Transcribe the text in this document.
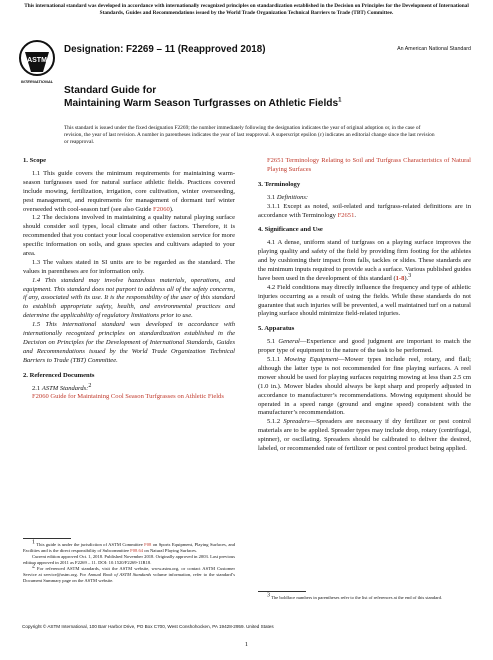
This international standard was developed in accordance with internationally recognized principles on standardization established in the Decision on Principles for the Development of International Standards, Guides and Recommendations issued by the World Trade Organization Technical Barriers to Trade (TBT) Committee.
ASTM
INTERNATIONAL
Designation: F2269 – 11 (Reapproved 2018)	An American National Standard
Standard Guide for
Maintaining Warm Season Turfgrasses on Athletic Fields$^1$
This standard is issued under the fixed designation F2269; the number immediately following the designation indicates the year of original adoption or, in the case of revision, the year of last revision. A number in parentheses indicates the year of last reapproval. A superscript epsilon (ε) indicates an editorial change since the last revision or reapproval.
1. Scope

1.1 This guide covers the minimum requirements for maintaining warm-season turfgrasses used for natural surface athletic fields. Practices covered include mowing, fertilization, irrigation, core cultivation, winter overseeding, pest management, and requirements for management of dormant turf winter overseeded with cool-season turf (see also Guide F2060).

1.2 The decisions involved in maintaining a quality natural playing surface should consider soil types, local climate and other factors. Therefore, it is recommended that you contact your local cooperative extension service for more specific information on soils, and grass species and cultivars adapted to your area.

1.3 The values stated in SI units are to be regarded as the standard. The values in parentheses are for information only.

1.4 This standard may involve hazardous materials, operations, and equipment. This standard does not purport to address all of the safety concerns, if any, associated with its use. It is the responsibility of the user of this standard to establish appropriate safety, health, and environmental practices and determine the applicability of regulatory limitations prior to use.

1.5 This international standard was developed in accordance with internationally recognized principles on standardization established in the Decision on Principles for the Development of International Standards, Guides and Recommendations issued by the World Trade Organization Technical Barriers to Trade (TBT) Committee.

2. Referenced Documents

2.1 ASTM Standards:2

F2060 Guide for Maintaining Cool Season Turfgrasses on Athletic Fields

1 This guide is under the jurisdiction of ASTM Committee F08 on Sports Equipment, Playing Surfaces, and Facilities and is the direct responsibility of Subcommittee F08.64 on Natural Playing Surfaces.

Current edition approved Oct. 1, 2018. Published November 2018. Originally approved in 2003. Last previous edition approved in 2011 as F2269 – 11. DOI: 10.1520/F2269-11R18.

2 For referenced ASTM standards, visit the ASTM website, www.astm.org, or contact ASTM Customer Service at service@astm.org. For Annual Book of ASTM Standards volume information, refer to the standard’s Document Summary page on the ASTM website.

F2651 Terminology Relating to Soil and Turfgrass Characteristics of Natural Playing Surfaces

3. Terminology

3.1 Definitions:

3.1.1 Except as noted, soil-related and turfgrass-related definitions are in accordance with Terminology F2651.

4. Significance and Use

4.1 A dense, uniform stand of turfgrass on a playing surface improves the playing quality and safety of the field by providing firm footing for the athletes and by cushioning their impact from falls, tackles or slides. These standards are the minimum inputs required to provide such a surface. Various published guides have been used in the development of this standard (1-8).3

4.2 Field conditions may directly influence the frequency and type of athletic injuries occurring as a result of using the fields. While these standards do not guarantee that such injuries will be prevented, a well maintained turf on a natural playing surface should minimize field-related injuries.

5. Apparatus

5.1 General—Experience and good judgment are important to match the proper type of equipment to the nature of the task to be performed.

5.1.1 Mowing Equipment—Mower types include reel, rotary, and flail; although the latter type is not recommended for fine playing surfaces. A reel mower should be used for playing surfaces requiring mowing at less than 2.5 cm (1.0 in.). Mower blades should always be kept sharp and properly adjusted in accordance to manufacturer’s recommendations. Mowing equipment should be operated in a speed range (ground and engine speed) consistent with the manufacturer’s recommendation.

5.1.2 Spreaders—Spreaders are necessary if dry fertilizer or pest control materials are to be applied. Spreader types may include drop, rotary (centrifugal, spinner), or oscillating. Spreaders should be calibrated to deliver the desired, labeled, or recommended rate of fertilizer or pest control product being applied.

3 The boldface numbers in parentheses refer to the list of references at the end of this standard.

Copyright © ASTM International, 100 Barr Harbor Drive, PO Box C700, West Conshohocken, PA 19428-2959. United States
1
